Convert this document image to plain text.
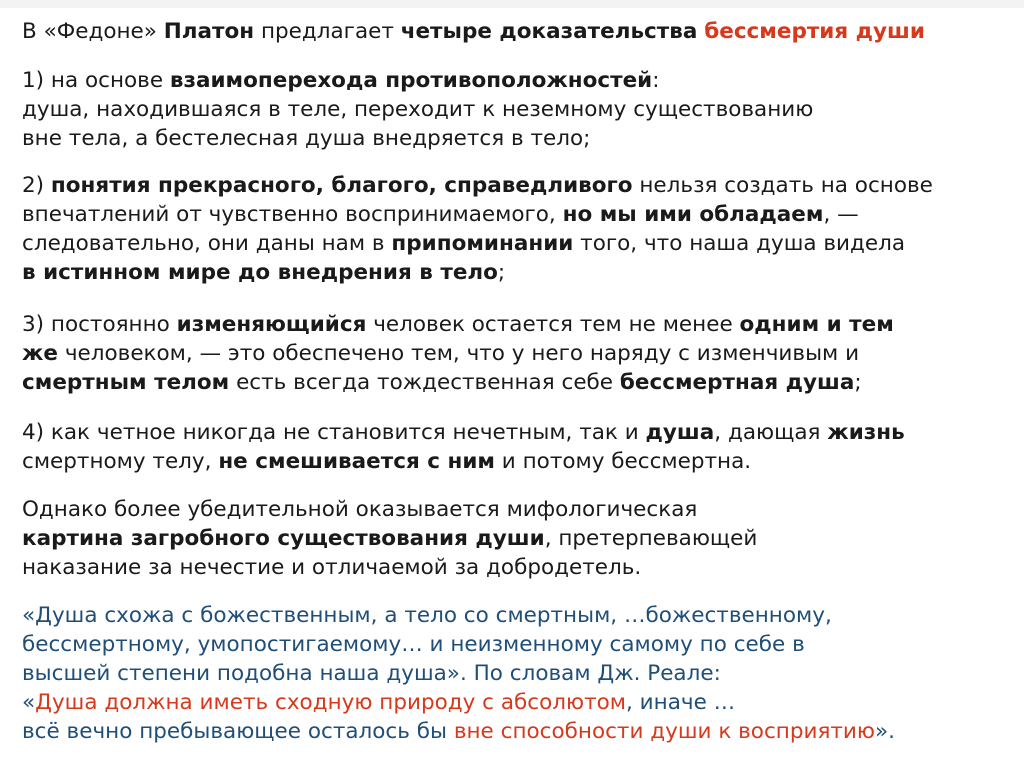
В «Федоне» Платон предлагает четыре доказательства бессмертия души

1) на основе взаимоперехода противоположностей:
душа, находившаяся в теле, переходит к неземному существованию
вне тела, а бестелесная душа внедряется в тело;

2) понятия прекрасного, благого, справедливого нельзя создать на основе
впечатлений от чувственно воспринимаемого, но мы ими обладаем, —
следовательно, они даны нам в припоминании того, что наша душа видела
в истинном мире до внедрения в тело;

3) постоянно изменяющийся человек остается тем не менее одним и тем
же человеком, — это обеспечено тем, что у него наряду с изменчивым и
смертным телом есть всегда тождественная себе бессмертная душа;

4) как четное никогда не становится нечетным, так и душа, дающая жизнь
смертному телу, не смешивается с ним и потому бессмертна.

Однако более убедительной оказывается мифологическая
картина загробного существования души, претерпевающей
наказание за нечестие и отличаемой за добродетель.

«Душа схожа с божественным, а тело со смертным, …божественному,
бессмертному, умопостигаемому… и неизменному самому по себе в
высшей степени подобна наша душа». По словам Дж. Реале:
«Душа должна иметь сходную природу с абсолютом, иначе …
всё вечно пребывающее осталось бы вне способности души к восприятию».
